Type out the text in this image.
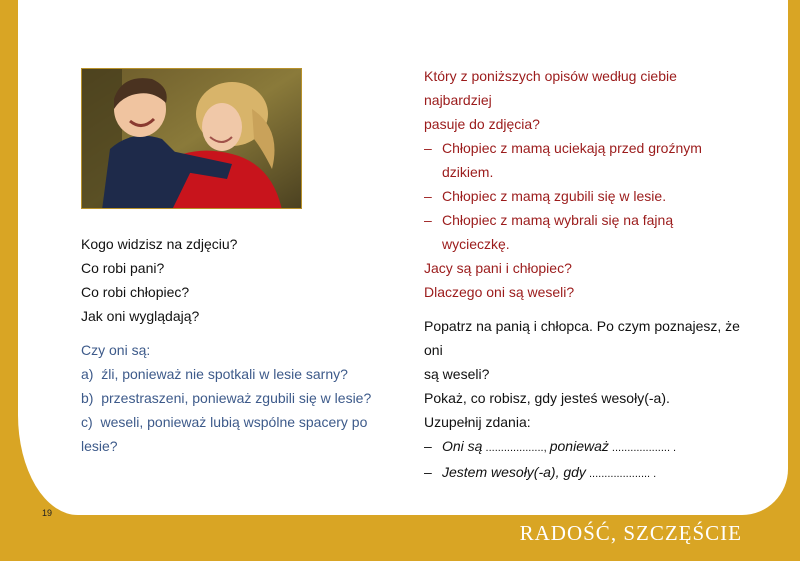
Kogo widzisz na zdjęciu?

Co robi pani?

Co robi chłopiec?

Jak oni wyglądają?

Czy oni są:

a) źli, ponieważ nie spotkali w lesie sarny?

b) przestraszeni, ponieważ zgubili się w lesie?

c) weseli, ponieważ lubią wspólne spacery po lesie?

Który z poniższych opisów według ciebie najbardziej

pasuje do zdjęcia?

– Chłopiec z mamą uciekają przed groźnym dzikiem.
– Chłopiec z mamą zgubili się w lesie.
– Chłopiec z mamą wybrali się na fajną wycieczkę.

Jacy są pani i chłopiec?

Dlaczego oni są weseli?

Popatrz na panią i chłopca. Po czym poznajesz, że oni

są weseli?

Pokaż, co robisz, gdy jesteś wesoły(-a).

Uzupełnij zdania:

– Oni są ..................., ponieważ ................... .
– Jestem wesoły(-a), gdy .................... .
19
RADOŚĆ, SZCZĘŚCIE
